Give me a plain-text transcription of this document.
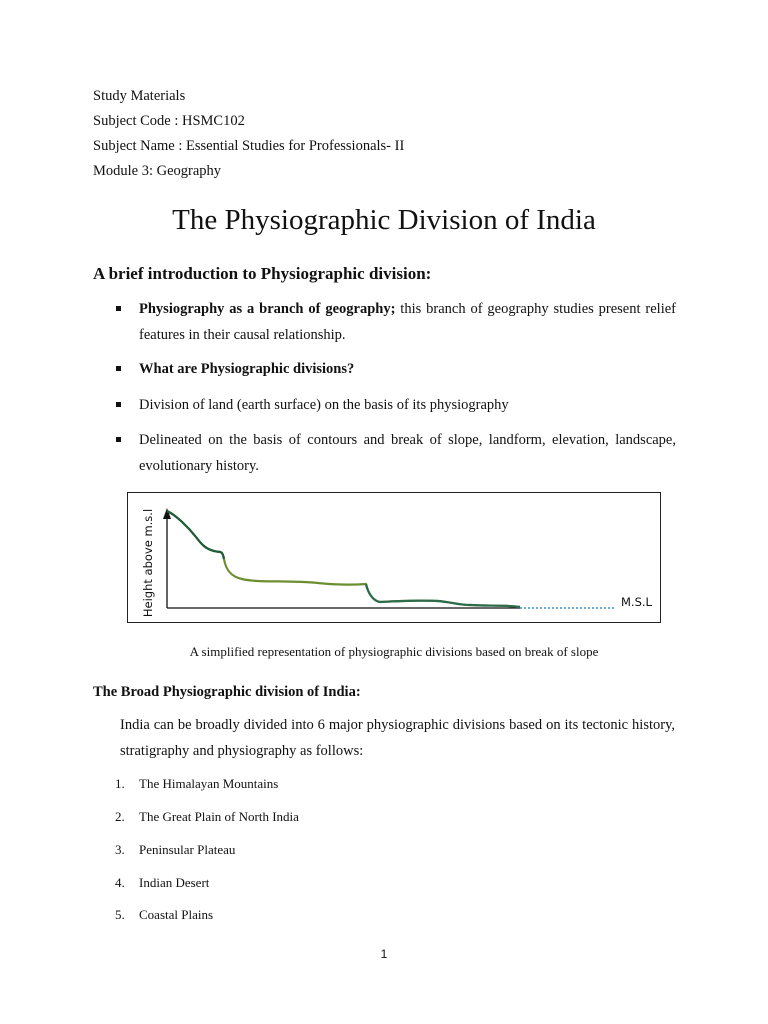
Study Materials
Subject Code : HSMC102
Subject Name : Essential Studies for Professionals- II
Module 3: Geography
The Physiographic Division of India
A brief introduction to Physiographic division:
Physiography as a branch of geography; this branch of geography studies present relief features in their causal relationship.
What are Physiographic divisions?
Division of land (earth surface) on the basis of its physiography
Delineated on the basis of contours and break of slope, landform, elevation, landscape, evolutionary history.
Height above m.s.l	M.S.L
A simplified representation of physiographic divisions based on break of slope
The Broad Physiographic division of India:

India can be broadly divided into 6 major physiographic divisions based on its tectonic history, stratigraphy and physiography as follows:

1. The Himalayan Mountains
2. The Great Plain of North India
3. Peninsular Plateau
4. Indian Desert
5. Coastal Plains
1
